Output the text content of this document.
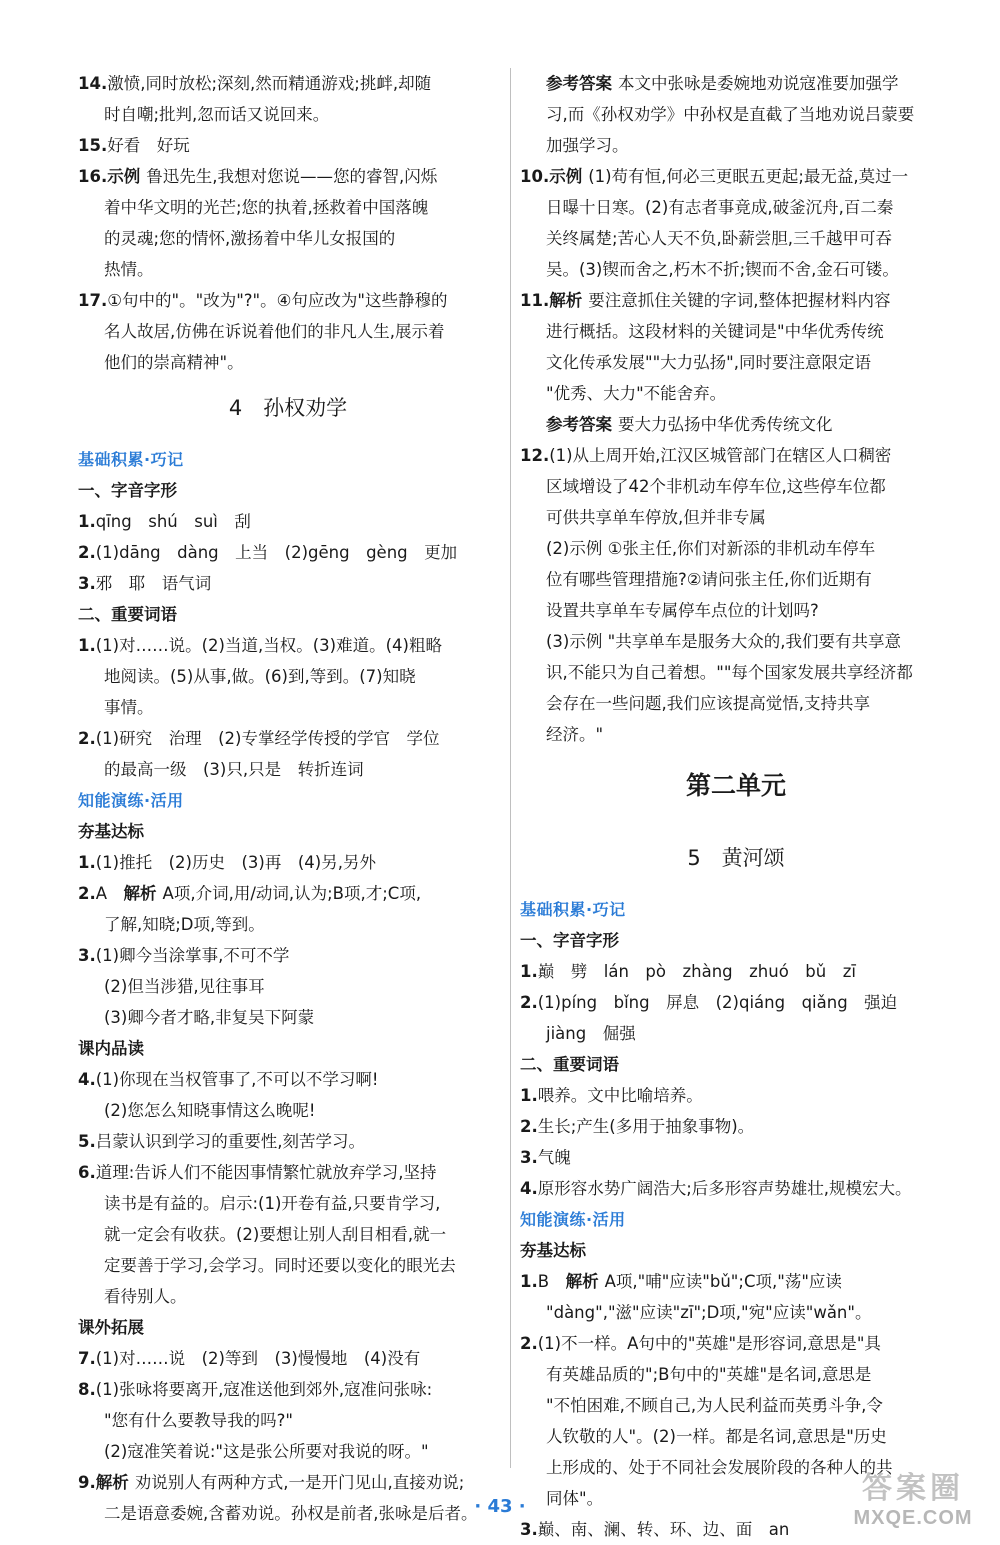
14.激愤,同时放松;深刻,然而精通游戏;挑衅,却随
时自嘲;批判,忽而话又说回来。
15.好看　好玩
16.示例 鲁迅先生,我想对您说——您的睿智,闪烁
着中华文明的光芒;您的执着,拯救着中国落魄
的灵魂;您的情怀,激扬着中华儿女报国的
热情。
17.①句中的"。"改为"?"。④句应改为"这些静穆的
名人故居,仿佛在诉说着他们的非凡人生,展示着
他们的崇高精神"。
4　孙权劝学
基础积累·巧记
一、字音字形
1.qīng　shú　suì　刮
2.(1)dāng　dàng　上当　(2)gēng　gèng　更加
3.邪　耶　语气词
二、重要词语
1.(1)对……说。(2)当道,当权。(3)难道。(4)粗略
地阅读。(5)从事,做。(6)到,等到。(7)知晓
事情。
2.(1)研究　治理　(2)专掌经学传授的学官　学位
的最高一级　(3)只,只是　转折连词
知能演练·活用
夯基达标
1.(1)推托　(2)历史　(3)再　(4)另,另外
2.A　 解析 A项,介词,用/动词,认为;B项,才;C项,
了解,知晓;D项,等到。
3.(1)卿今当涂掌事,不可不学
(2)但当涉猎,见往事耳
(3)卿今者才略,非复吴下阿蒙
课内品读
4.(1)你现在当权管事了,不可以不学习啊!
(2)您怎么知晓事情这么晚呢!
5.吕蒙认识到学习的重要性,刻苦学习。
6.道理:告诉人们不能因事情繁忙就放弃学习,坚持
读书是有益的。启示:(1)开卷有益,只要肯学习,
就一定会有收获。(2)要想让别人刮目相看,就一
定要善于学习,会学习。同时还要以变化的眼光去
看待别人。
课外拓展
7.(1)对……说　(2)等到　(3)慢慢地　(4)没有
8.(1)张咏将要离开,寇准送他到郊外,寇准问张咏:
"您有什么要教导我的吗?"
(2)寇准笑着说:"这是张公所要对我说的呀。"
9.解析 劝说别人有两种方式,一是开门见山,直接劝说;
二是语意委婉,含蓄劝说。孙权是前者,张咏是后者。
参考答案 本文中张咏是委婉地劝说寇准要加强学
习,而《孙权劝学》中孙权是直截了当地劝说吕蒙要
加强学习。
10.示例 (1)苟有恒,何必三更眠五更起;最无益,莫过一
日曝十日寒。(2)有志者事竟成,破釜沉舟,百二秦
关终属楚;苦心人天不负,卧薪尝胆,三千越甲可吞
吴。(3)锲而舍之,朽木不折;锲而不舍,金石可镂。
11.解析 要注意抓住关键的字词,整体把握材料内容
进行概括。这段材料的关键词是"中华优秀传统
文化传承发展""大力弘扬",同时要注意限定语
"优秀、大力"不能舍弃。
参考答案 要大力弘扬中华优秀传统文化
12.(1)从上周开始,江汉区城管部门在辖区人口稠密
区域增设了42个非机动车停车位,这些停车位都
可供共享单车停放,但并非专属
(2)示例 ①张主任,你们对新添的非机动车停车
位有哪些管理措施?②请问张主任,你们近期有
设置共享单车专属停车点位的计划吗?
(3)示例 "共享单车是服务大众的,我们要有共享意
识,不能只为自己着想。""每个国家发展共享经济都
会存在一些问题,我们应该提高觉悟,支持共享
经济。"
第二单元
5　黄河颂
基础积累·巧记
一、字音字形
1.巅　劈　lán　pò　zhàng　zhuó　bǔ　zī
2.(1)píng　bǐng　屏息　(2)qiáng　qiǎng　强迫
jiàng　倔强
二、重要词语
1.喂养。文中比喻培养。
2.生长;产生(多用于抽象事物)。
3.气魄
4.原形容水势广阔浩大;后多形容声势雄壮,规模宏大。
知能演练·活用
夯基达标
1.B　 解析 A项,"哺"应读"bǔ";C项,"荡"应读
"dàng","滋"应读"zī";D项,"宛"应读"wǎn"。
2.(1)不一样。A句中的"英雄"是形容词,意思是"具
有英雄品质的";B句中的"英雄"是名词,意思是
"不怕困难,不顾自己,为人民利益而英勇斗争,令
人钦敬的人"。(2)一样。都是名词,意思是"历史
上形成的、处于不同社会发展阶段的各种人的共
同体"。
3.巅、南、澜、转、环、边、面　an
· 43 ·
答案圈
MXQE.COM
